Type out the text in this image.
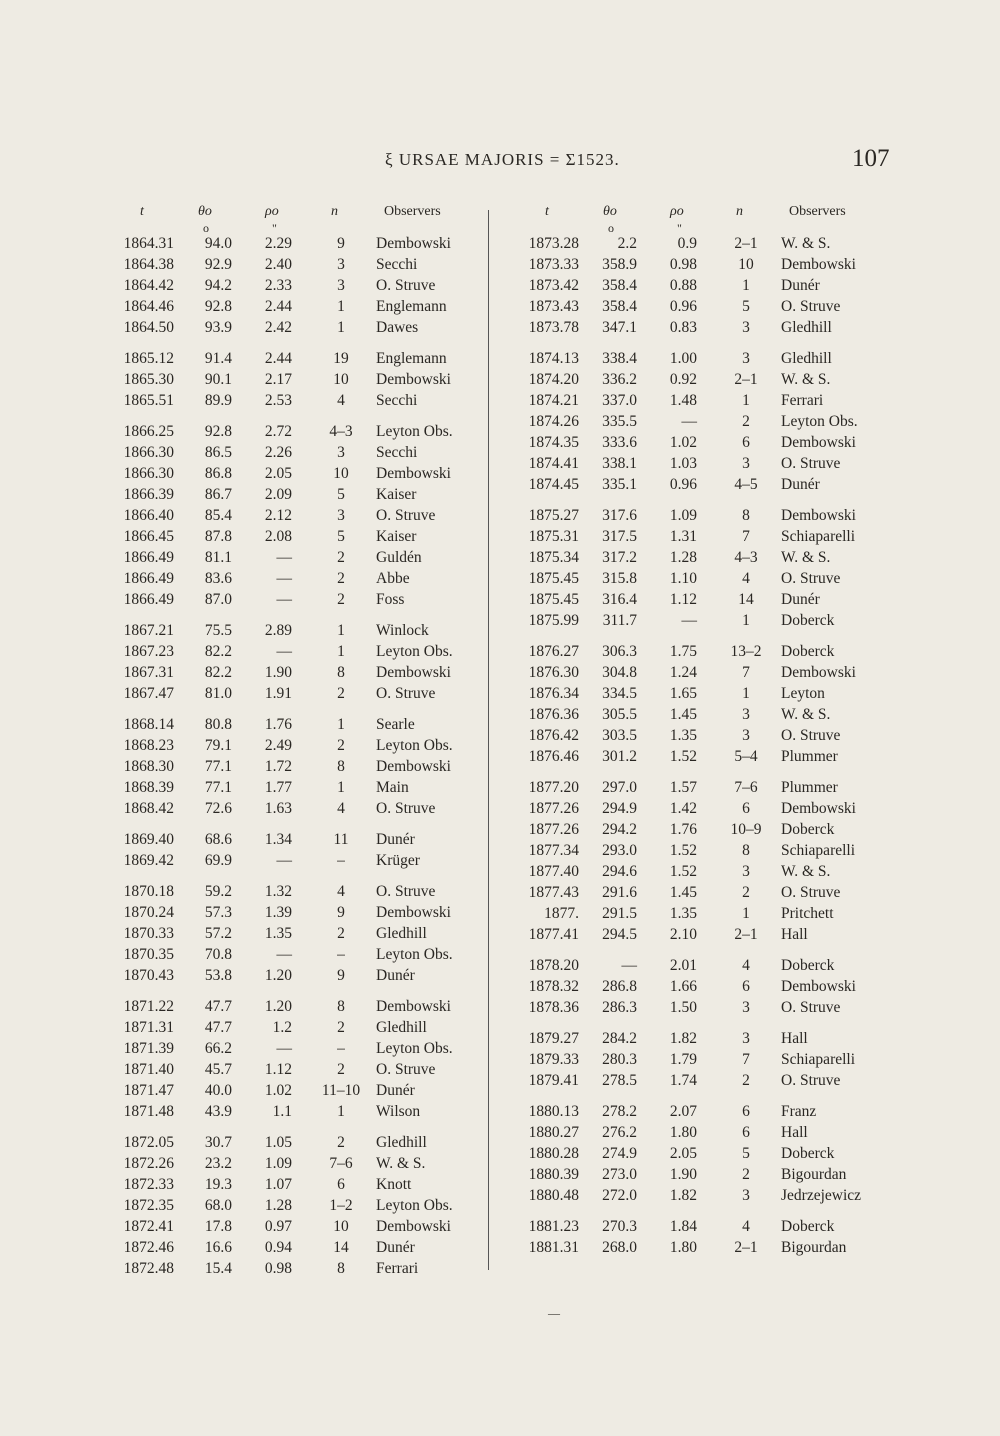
ξ URSAE MAJORIS = Σ1523.	107
t	θo	ρo	n	Observers
o	"
1864.31	94.0	2.29	9	Dembowski
1864.38	92.9	2.40	3	Secchi
1864.42	94.2	2.33	3	O. Struve
1864.46	92.8	2.44	1	Englemann
1864.50	93.9	2.42	1	Dawes
1865.12	91.4	2.44	19	Englemann
1865.30	90.1	2.17	10	Dembowski
1865.51	89.9	2.53	4	Secchi
1866.25	92.8	2.72	4–3	Leyton Obs.
1866.30	86.5	2.26	3	Secchi
1866.30	86.8	2.05	10	Dembowski
1866.39	86.7	2.09	5	Kaiser
1866.40	85.4	2.12	3	O. Struve
1866.45	87.8	2.08	5	Kaiser
1866.49	81.1	—	2	Guldén
1866.49	83.6	—	2	Abbe
1866.49	87.0	—	2	Foss
1867.21	75.5	2.89	1	Winlock
1867.23	82.2	—	1	Leyton Obs.
1867.31	82.2	1.90	8	Dembowski
1867.47	81.0	1.91	2	O. Struve
1868.14	80.8	1.76	1	Searle
1868.23	79.1	2.49	2	Leyton Obs.
1868.30	77.1	1.72	8	Dembowski
1868.39	77.1	1.77	1	Main
1868.42	72.6	1.63	4	O. Struve
1869.40	68.6	1.34	11	Dunér
1869.42	69.9	—	–	Krüger
1870.18	59.2	1.32	4	O. Struve
1870.24	57.3	1.39	9	Dembowski
1870.33	57.2	1.35	2	Gledhill
1870.35	70.8	—	–	Leyton Obs.
1870.43	53.8	1.20	9	Dunér
1871.22	47.7	1.20	8	Dembowski
1871.31	47.7	1.2	2	Gledhill
1871.39	66.2	—	–	Leyton Obs.
1871.40	45.7	1.12	2	O. Struve
1871.47	40.0	1.02	11–10	Dunér
1871.48	43.9	1.1	1	Wilson
1872.05	30.7	1.05	2	Gledhill
1872.26	23.2	1.09	7–6	W. & S.
1872.33	19.3	1.07	6	Knott
1872.35	68.0	1.28	1–2	Leyton Obs.
1872.41	17.8	0.97	10	Dembowski
1872.46	16.6	0.94	14	Dunér
1872.48	15.4	0.98	8	Ferrari
t	θo	ρo	n	Observers
o	"
1873.28	2.2	0.9	2–1	W. & S.
1873.33	358.9	0.98	10	Dembowski
1873.42	358.4	0.88	1	Dunér
1873.43	358.4	0.96	5	O. Struve
1873.78	347.1	0.83	3	Gledhill
1874.13	338.4	1.00	3	Gledhill
1874.20	336.2	0.92	2–1	W. & S.
1874.21	337.0	1.48	1	Ferrari
1874.26	335.5	—	2	Leyton Obs.
1874.35	333.6	1.02	6	Dembowski
1874.41	338.1	1.03	3	O. Struve
1874.45	335.1	0.96	4–5	Dunér
1875.27	317.6	1.09	8	Dembowski
1875.31	317.5	1.31	7	Schiaparelli
1875.34	317.2	1.28	4–3	W. & S.
1875.45	315.8	1.10	4	O. Struve
1875.45	316.4	1.12	14	Dunér
1875.99	311.7	—	1	Doberck
1876.27	306.3	1.75	13–2	Doberck
1876.30	304.8	1.24	7	Dembowski
1876.34	334.5	1.65	1	Leyton
1876.36	305.5	1.45	3	W. & S.
1876.42	303.5	1.35	3	O. Struve
1876.46	301.2	1.52	5–4	Plummer
1877.20	297.0	1.57	7–6	Plummer
1877.26	294.9	1.42	6	Dembowski
1877.26	294.2	1.76	10–9	Doberck
1877.34	293.0	1.52	8	Schiaparelli
1877.40	294.6	1.52	3	W. & S.
1877.43	291.6	1.45	2	O. Struve
1877.	291.5	1.35	1	Pritchett
1877.41	294.5	2.10	2–1	Hall
1878.20	—	2.01	4	Doberck
1878.32	286.8	1.66	6	Dembowski
1878.36	286.3	1.50	3	O. Struve
1879.27	284.2	1.82	3	Hall
1879.33	280.3	1.79	7	Schiaparelli
1879.41	278.5	1.74	2	O. Struve
1880.13	278.2	2.07	6	Franz
1880.27	276.2	1.80	6	Hall
1880.28	274.9	2.05	5	Doberck
1880.39	273.0	1.90	2	Bigourdan
1880.48	272.0	1.82	3	Jedrzejewicz
1881.23	270.3	1.84	4	Doberck
1881.31	268.0	1.80	2–1	Bigourdan
—
